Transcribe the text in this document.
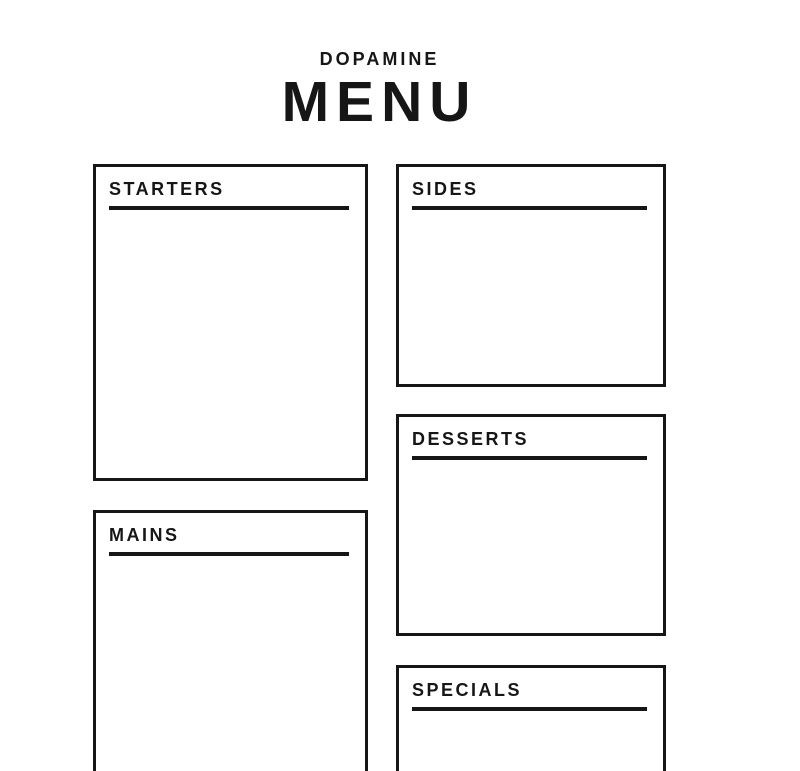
DOPAMINE
MENU
STARTERS	SIDES
DESSERTS
MAINS
SPECIALS
